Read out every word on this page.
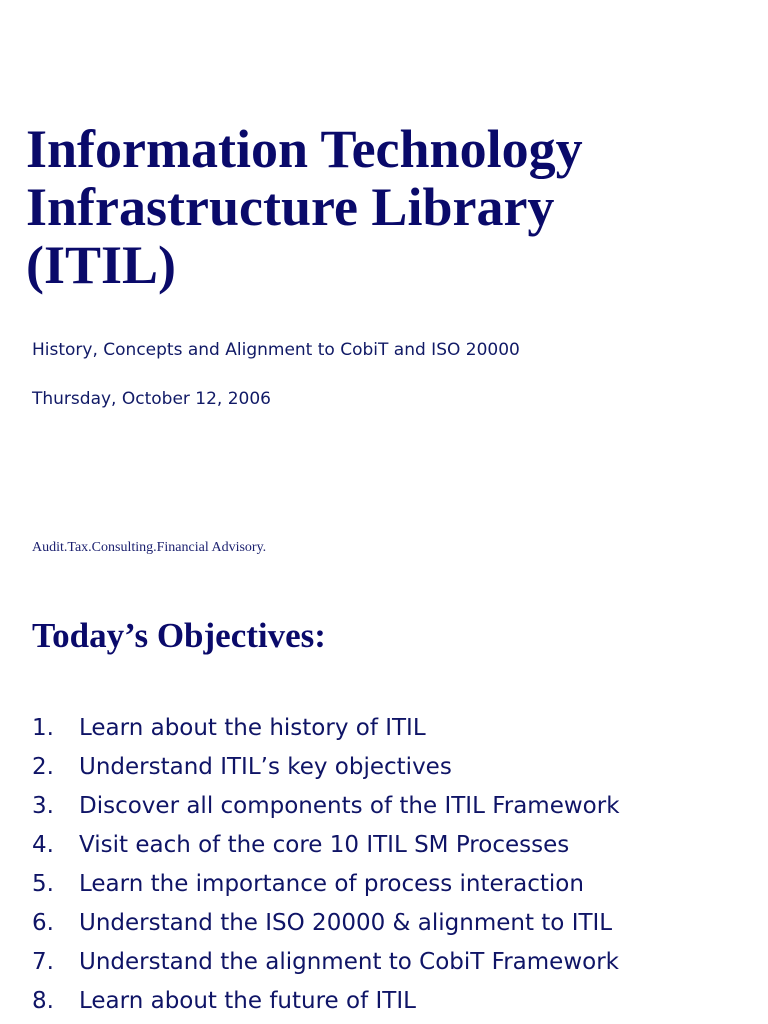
Information Technology
Infrastructure Library
(ITIL)
History, Concepts and Alignment to CobiT and ISO 20000
Thursday, October 12, 2006
Audit.Tax.Consulting.Financial Advisory.
Today’s Objectives:
1. Learn about the history of ITIL
2. Understand ITIL’s key objectives
3. Discover all components of the ITIL Framework
4. Visit each of the core 10 ITIL SM Processes
5. Learn the importance of process interaction
6. Understand the ISO 20000 & alignment to ITIL
7. Understand the alignment to CobiT Framework
8. Learn about the future of ITIL
